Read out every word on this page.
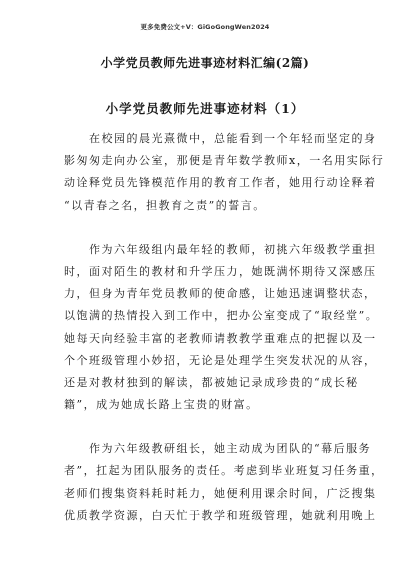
更多免费公文+V：GiGoGongWen2024
小学党员教师先进事迹材料汇编(2篇)
小学党员教师先进事迹材料（1）

　　在校园的晨光熹微中，总能看到一个年轻而坚定的身
影匆匆走向办公室，那便是青年数学教师x，一名用实际行
动诠释党员先锋模范作用的教育工作者，她用行动诠释着
“以青春之名，担教育之责”的誓言。

　　作为六年级组内最年轻的教师，初挑六年级教学重担
时，面对陌生的教材和升学压力，她既满怀期待又深感压
力，但身为青年党员教师的使命感，让她迅速调整状态，
以饱满的热情投入到工作中，把办公室变成了“取经堂”。
她每天向经验丰富的老教师请教教学重难点的把握以及一
个个班级管理小妙招，无论是处理学生突发状况的从容，
还是对教材独到的解读，都被她记录成珍贵的“成长秘
籍”，成为她成长路上宝贵的财富。

　　作为六年级教研组长，她主动成为团队的“幕后服务
者”，扛起为团队服务的责任。考虑到毕业班复习任务重，
老师们搜集资料耗时耗力，她便利用课余时间，广泛搜集
优质教学资源，白天忙于教学和班级管理，她就利用晚上
